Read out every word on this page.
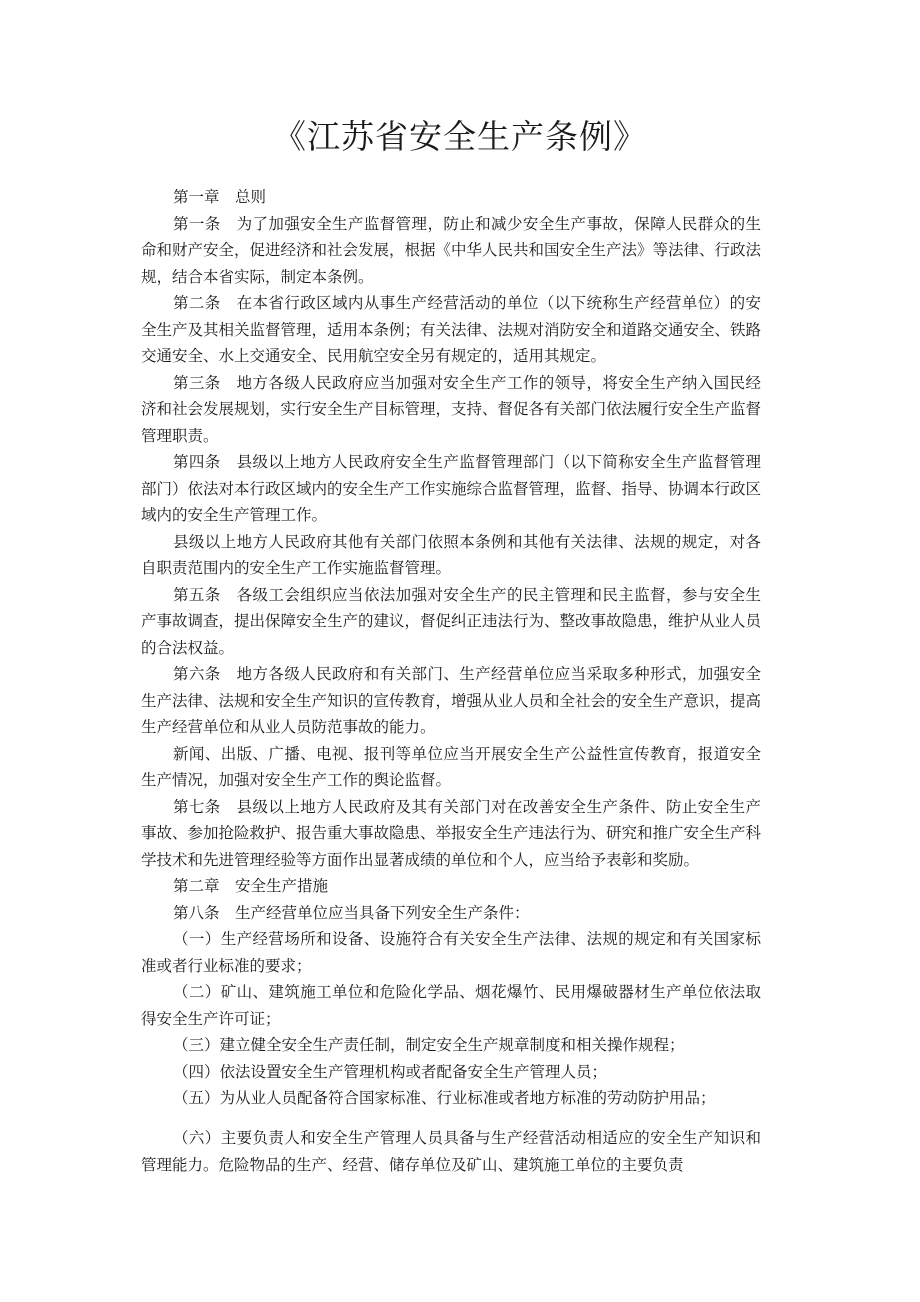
《江苏省安全生产条例》

第一章　总则

第一条　为了加强安全生产监督管理，防止和减少安全生产事故，保障人民群众的生命和财产安全，促进经济和社会发展，根据《中华人民共和国安全生产法》等法律、行政法规，结合本省实际，制定本条例。

第二条　在本省行政区域内从事生产经营活动的单位（以下统称生产经营单位）的安全生产及其相关监督管理，适用本条例；有关法律、法规对消防安全和道路交通安全、铁路交通安全、水上交通安全、民用航空安全另有规定的，适用其规定。

第三条　地方各级人民政府应当加强对安全生产工作的领导，将安全生产纳入国民经济和社会发展规划，实行安全生产目标管理，支持、督促各有关部门依法履行安全生产监督管理职责。

第四条　县级以上地方人民政府安全生产监督管理部门（以下简称安全生产监督管理部门）依法对本行政区域内的安全生产工作实施综合监督管理，监督、指导、协调本行政区域内的安全生产管理工作。

县级以上地方人民政府其他有关部门依照本条例和其他有关法律、法规的规定，对各自职责范围内的安全生产工作实施监督管理。

第五条　各级工会组织应当依法加强对安全生产的民主管理和民主监督，参与安全生产事故调查，提出保障安全生产的建议，督促纠正违法行为、整改事故隐患，维护从业人员的合法权益。

第六条　地方各级人民政府和有关部门、生产经营单位应当采取多种形式，加强安全生产法律、法规和安全生产知识的宣传教育，增强从业人员和全社会的安全生产意识，提高生产经营单位和从业人员防范事故的能力。

新闻、出版、广播、电视、报刊等单位应当开展安全生产公益性宣传教育，报道安全生产情况，加强对安全生产工作的舆论监督。

第七条　县级以上地方人民政府及其有关部门对在改善安全生产条件、防止安全生产事故、参加抢险救护、报告重大事故隐患、举报安全生产违法行为、研究和推广安全生产科学技术和先进管理经验等方面作出显著成绩的单位和个人，应当给予表彰和奖励。

第二章　安全生产措施

第八条　生产经营单位应当具备下列安全生产条件：

（一）生产经营场所和设备、设施符合有关安全生产法律、法规的规定和有关国家标准或者行业标准的要求；

（二）矿山、建筑施工单位和危险化学品、烟花爆竹、民用爆破器材生产单位依法取得安全生产许可证；

（三）建立健全安全生产责任制，制定安全生产规章制度和相关操作规程；

（四）依法设置安全生产管理机构或者配备安全生产管理人员；

（五）为从业人员配备符合国家标准、行业标准或者地方标准的劳动防护用品；

（六）主要负责人和安全生产管理人员具备与生产经营活动相适应的安全生产知识和管理能力。危险物品的生产、经营、储存单位及矿山、建筑施工单位的主要负责
